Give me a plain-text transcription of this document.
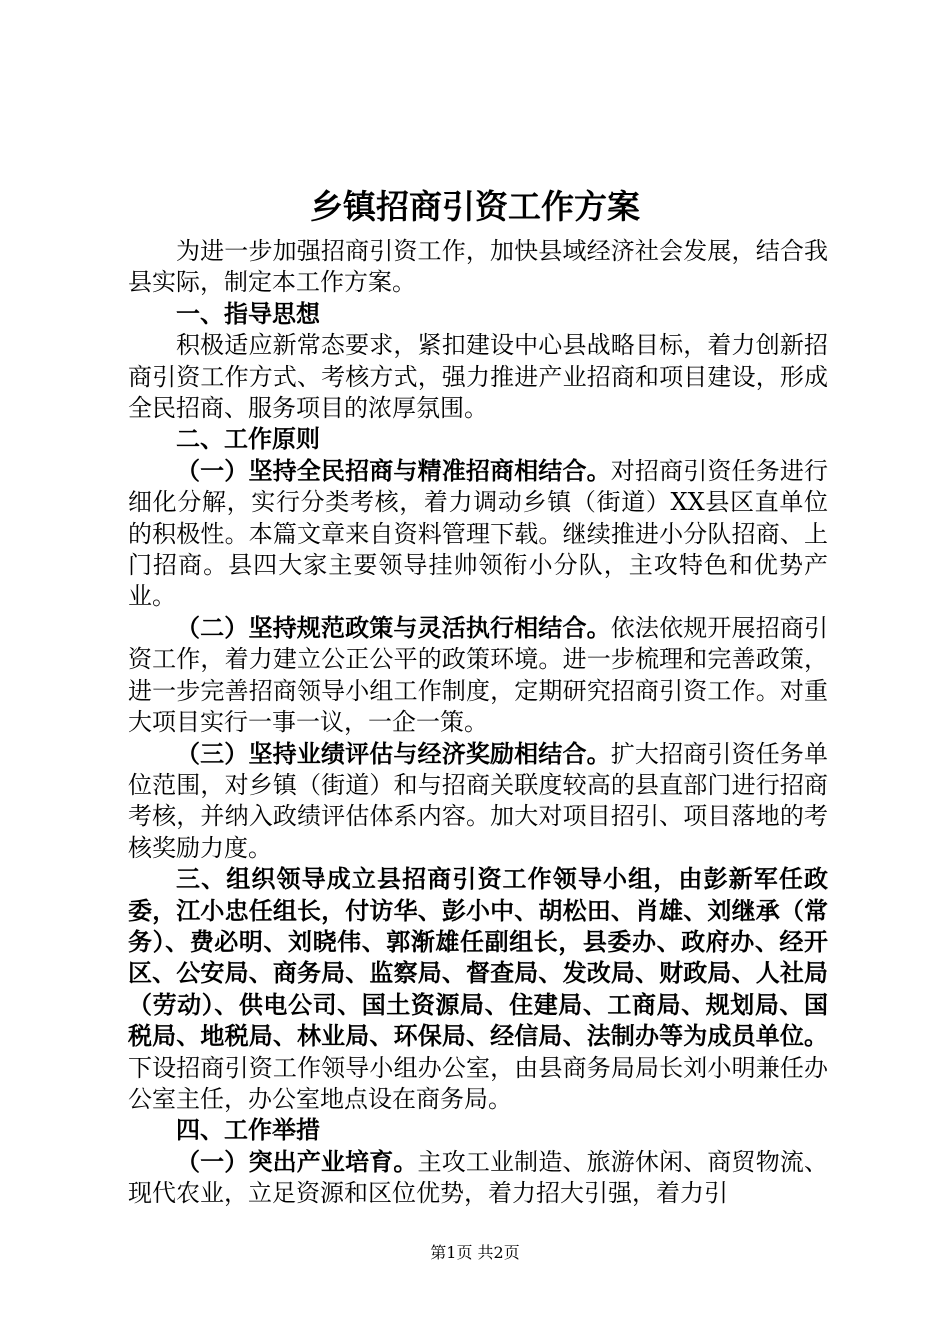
乡镇招商引资工作方案

为进一步加强招商引资工作，加快县域经济社会发展，结合我县实际，制定本工作方案。

一、指导思想

积极适应新常态要求，紧扣建设中心县战略目标，着力创新招商引资工作方式、考核方式，强力推进产业招商和项目建设，形成全民招商、服务项目的浓厚氛围。

二、工作原则

（一）坚持全民招商与精准招商相结合。对招商引资任务进行细化分解，实行分类考核，着力调动乡镇（街道）XX县区直单位的积极性。本篇文章来自资料管理下载。继续推进小分队招商、上门招商。县四大家主要领导挂帅领衔小分队，主攻特色和优势产业。

（二）坚持规范政策与灵活执行相结合。依法依规开展招商引资工作，着力建立公正公平的政策环境。进一步梳理和完善政策，进一步完善招商领导小组工作制度，定期研究招商引资工作。对重大项目实行一事一议，一企一策。

（三）坚持业绩评估与经济奖励相结合。扩大招商引资任务单位范围，对乡镇（街道）和与招商关联度较高的县直部门进行招商考核，并纳入政绩评估体系内容。加大对项目招引、项目落地的考核奖励力度。

三、组织领导成立县招商引资工作领导小组，由彭新军任政委，江小忠任组长，付访华、彭小中、胡松田、肖雄、刘继承（常务）、费必明、刘晓伟、郭渐雄任副组长，县委办、政府办、经开区、公安局、商务局、监察局、督查局、发改局、财政局、人社局（劳动）、供电公司、国土资源局、住建局、工商局、规划局、国税局、地税局、林业局、环保局、经信局、法制办等为成员单位。下设招商引资工作领导小组办公室，由县商务局局长刘小明兼任办公室主任，办公室地点设在商务局。

四、工作举措

（一）突出产业培育。主攻工业制造、旅游休闲、商贸物流、现代农业，立足资源和区位优势，着力招大引强，着力引

第1页 共2页
